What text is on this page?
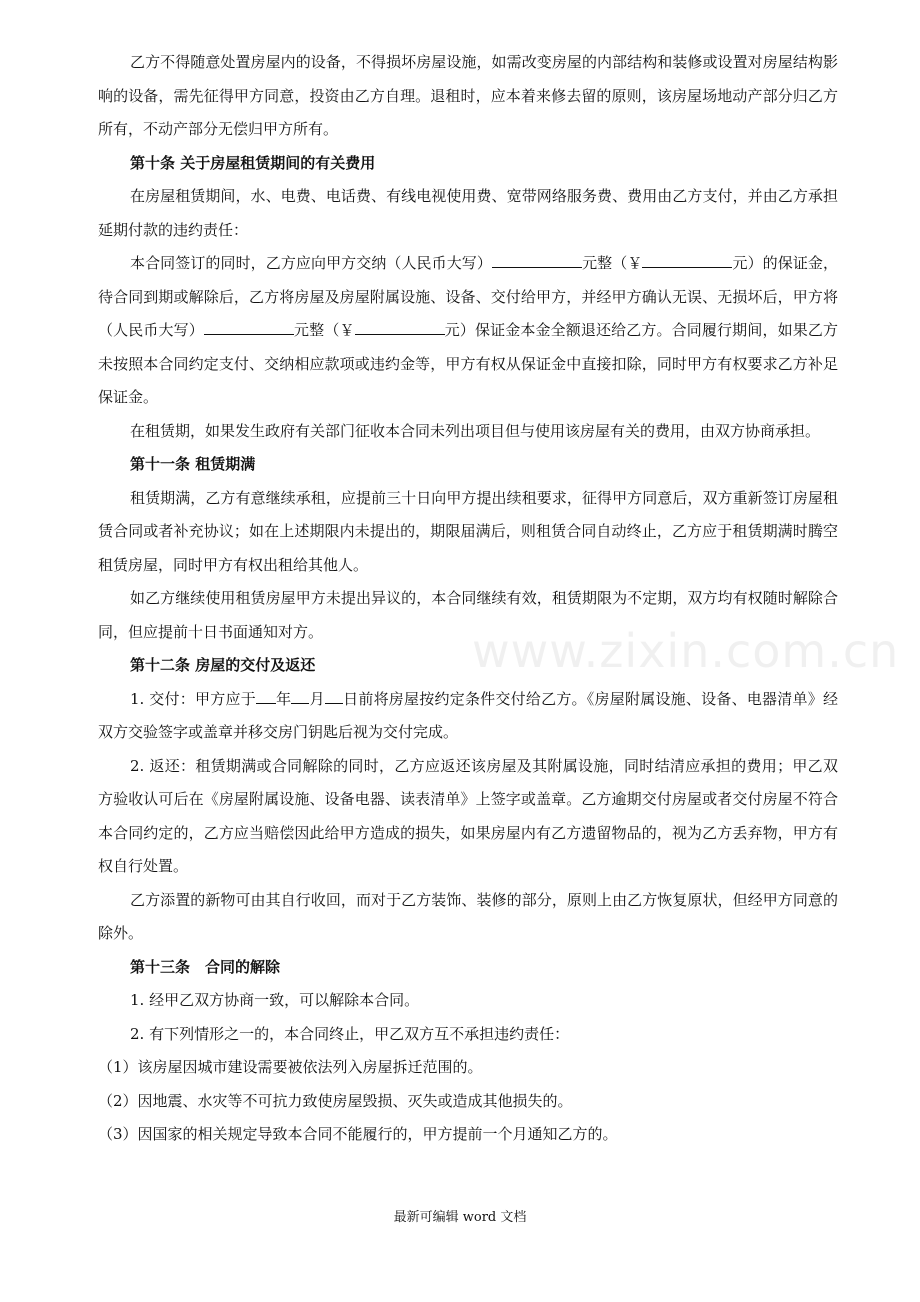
www.zixin.com.cn

乙方不得随意处置房屋内的设备，不得损坏房屋设施，如需改变房屋的内部结构和装修或设置对房屋结构影响的设备，需先征得甲方同意，投资由乙方自理。退租时，应本着来修去留的原则，该房屋场地动产部分归乙方所有，不动产部分无偿归甲方所有。

第十条 关于房屋租赁期间的有关费用

在房屋租赁期间，水、电费、电话费、有线电视使用费、宽带网络服务费、费用由乙方支付，并由乙方承担延期付款的违约责任：

本合同签订的同时，乙方应向甲方交纳（人民币大写）	元整（￥	元）的保证金，待合同到期或解除后，乙方将房屋及房屋附属设施、设备、交付给甲方，并经甲方确认无误、无损坏后，甲方将（人民币大写）	元整（￥	元）保证金本金全额退还给乙方。合同履行期间，如果乙方未按照本合同约定支付、交纳相应款项或违约金等，甲方有权从保证金中直接扣除，同时甲方有权要求乙方补足保证金。

在租赁期，如果发生政府有关部门征收本合同未列出项目但与使用该房屋有关的费用，由双方协商承担。

第十一条 租赁期满

租赁期满，乙方有意继续承租，应提前三十日向甲方提出续租要求，征得甲方同意后，双方重新签订房屋租赁合同或者补充协议；如在上述期限内未提出的，期限届满后，则租赁合同自动终止，乙方应于租赁期满时腾空租赁房屋，同时甲方有权出租给其他人。

如乙方继续使用租赁房屋甲方未提出异议的，本合同继续有效，租赁期限为不定期，双方均有权随时解除合同，但应提前十日书面通知对方。

第十二条 房屋的交付及返还

1. 交付：甲方应于 年 月 日前将房屋按约定条件交付给乙方。《房屋附属设施、设备、电器清单》经双方交验签字或盖章并移交房门钥匙后视为交付完成。

2. 返还：租赁期满或合同解除的同时，乙方应返还该房屋及其附属设施，同时结清应承担的费用；甲乙双方验收认可后在《房屋附属设施、设备电器、读表清单》上签字或盖章。乙方逾期交付房屋或者交付房屋不符合本合同约定的，乙方应当赔偿因此给甲方造成的损失，如果房屋内有乙方遗留物品的，视为乙方丢弃物，甲方有权自行处置。

乙方添置的新物可由其自行收回，而对于乙方装饰、装修的部分，原则上由乙方恢复原状，但经甲方同意的除外。

第十三条　合同的解除

1. 经甲乙双方协商一致，可以解除本合同。

2. 有下列情形之一的，本合同终止，甲乙双方互不承担违约责任：

（1）该房屋因城市建设需要被依法列入房屋拆迁范围的。

（2）因地震、水灾等不可抗力致使房屋毁损、灭失或造成其他损失的。

（3）因国家的相关规定导致本合同不能履行的，甲方提前一个月通知乙方的。

最新可编辑 word 文档
